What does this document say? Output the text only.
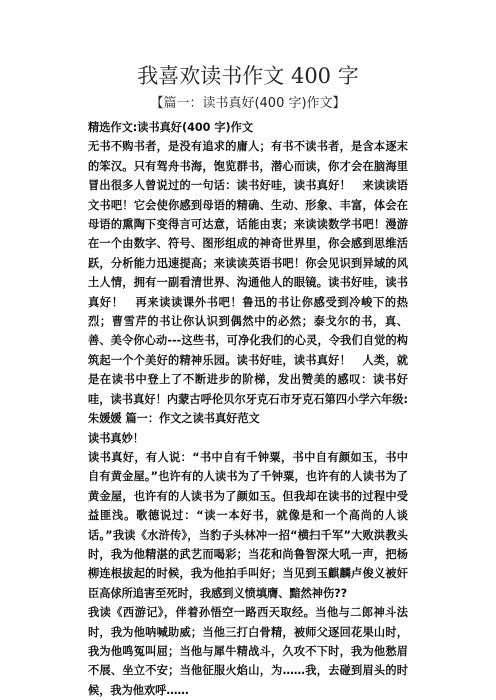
我喜欢读书作文 400 字
【篇一：读书真好(400 字)作文】

精选作文:读书真好(400 字)作文

无书不购书者，是没有追求的庸人；有书不读书者，是含本逐末的笨汉。只有驾舟书海，饱览群书，潜心而读，你才会在脑海里冒出很多人曾说过的一句话：读书好哇，读书真好！　来读读语文书吧！它会使你感到母语的精确、生动、形象、丰富，体会在母语的熏陶下变得言可达意，话能由衷；来读读数学书吧！漫游在一个由数字、符号、图形组成的神奇世界里，你会感到思维活跃，分析能力迅速提高；来读读英语书吧！你会见识到异域的风土人情，拥有一副看清世界、沟通他人的眼镜。读书好哇，读书真好！　再来读读课外书吧！鲁迅的书让你感受到冷峻下的热烈；曹雪芹的书让你认识到偶然中的必然；泰戈尔的书，真、善、美令你心动---这些书，可净化我们的心灵，令我们自觉的构筑起一个个美好的精神乐园。读书好哇，读书真好！　人类，就是在读书中登上了不断进步的阶梯，发出赞美的感叹：读书好哇，读书真好！内蒙古呼伦贝尔牙克石市牙克石第四小学六年级:朱媛媛 篇一：作文之读书真好范文

读书真妙！

读书真好，有人说：“书中自有千钟粟，书中自有颜如玉，书中自有黄金屋。”也许有的人读书为了千钟粟，也许有的人读书为了黄金屋，也许有的人读书为了颜如玉。但我却在读书的过程中受益匪浅。歌德说过：“读一本好书，就像是和一个高尚的人谈话。”我读《水浒传》，当豹子头林冲一招“横扫千军”大败洪教头时，我为他精湛的武艺而喝彩；当花和尚鲁智深大吼一声，把杨柳连根拔起的时候，我为他拍手叫好；当见到玉麒麟卢俊义被奸臣高俅所追害至死时，我感到义愤填膺、黯然神伤??

我读《西游记》，伴着孙悟空一路西天取经。当他与二郎神斗法时，我为他呐喊助威；当他三打白骨精，被师父逐回花果山时，我为他鸣冤叫屈；当他与犀牛精战斗，久攻不下时，我为他愁眉不展、坐立不安；当他征服火焰山，为……我，去碰到眉头的时候，我为他欢呼……
